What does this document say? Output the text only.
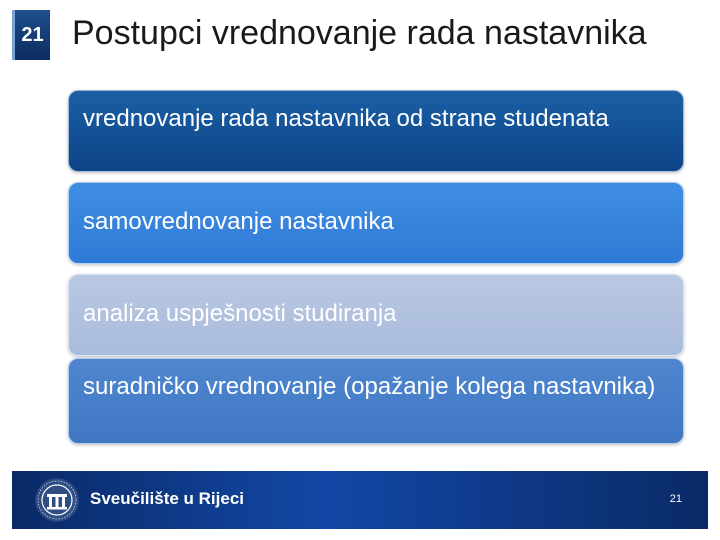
21 Postupci vrednovanje rada nastavnika
vrednovanje rada nastavnika od strane studenata
samovrednovanje nastavnika
analiza uspješnosti studiranja
suradničko vrednovanje (opažanje kolega nastavnika)
Sveučilište u Rijeci	21
